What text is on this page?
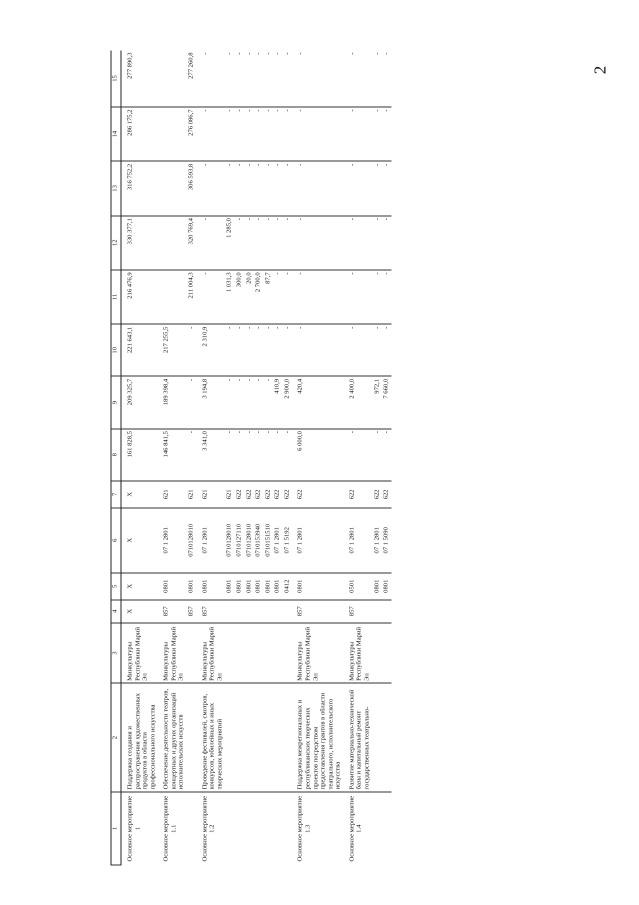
2
1	2	3	4	5	6	7	8	9	10	11	12	13	14	15
Основное мероприятие 1	Поддержка создания и распространения художественных продуктов в области профессионального искусства	Минкультуры Республики Марий Эл	X	X	X	X	161 828,5	209 325,7	221 643,1	216 476,9	330 377,1	316 752,2	286 175,2	277 890,3
Основное мероприятие 1.1	Обеспечение деятельности театров, концертных и других организаций исполнительских искусств	Минкультуры Республики Марий Эл	857	0801	07 1 2801	621	146 841,5	189 398,4	217 255,5					
			857	0801	0710128010	621	-	-	-	211 004,3	320 769,4	306 593,8	276 086,7	277 260,8
Основное мероприятие 1.2	Проведение фестивалей, смотров, конкурсов, юбилейных и иных творческих мероприятий	Минкультуры Республики Марий Эл	857	0801	07 1 2801	621	3 341,0	3 194,8	2 310,9	-	-	-	-	-
				0801	0710128010	621	-	-	-	1 031,3	1 285,0	-	-	-
				0801	0710127110	622	-	-	-	300,0	-	-	-	-
				0801	0710128010	622	-	-	-	20,0	-	-	-	-
				0801	0710153940	622	-	-	-	2 700,0	-	-	-	-
				0801	0710151510	622	-	-	-	87,7	-	-	-	-
				0801	07 1 2801	622	-	410,9	-	-	-	-	-	-
				0412	07 1 5192	622	-	2 900,0	-	-	-	-	-	-
Основное мероприятие 1.3	Поддержка межрегиональных и республиканских творческих проектов посредством предоставления грантов в области театрального, исполнительского искусства	Минкультуры Республики Марий Эл	857	0801	07 1 2801	622	6 000,0	420,4	-	-	-	-	-	-
Основное мероприятие 1.4	Развитие материально-технической базы и капитальный ремонт государственных театрально-	Минкультуры Республики Марий Эл	857	0501	07 1 2801	622	-	2 400,0	-	-	-	-	-	-
				0801	07 1 2801	622	-	972,1	-	-	-	-	-	-
				0801	07 1 5090	622	-	7 660,0	-	-	-	-	-	-
